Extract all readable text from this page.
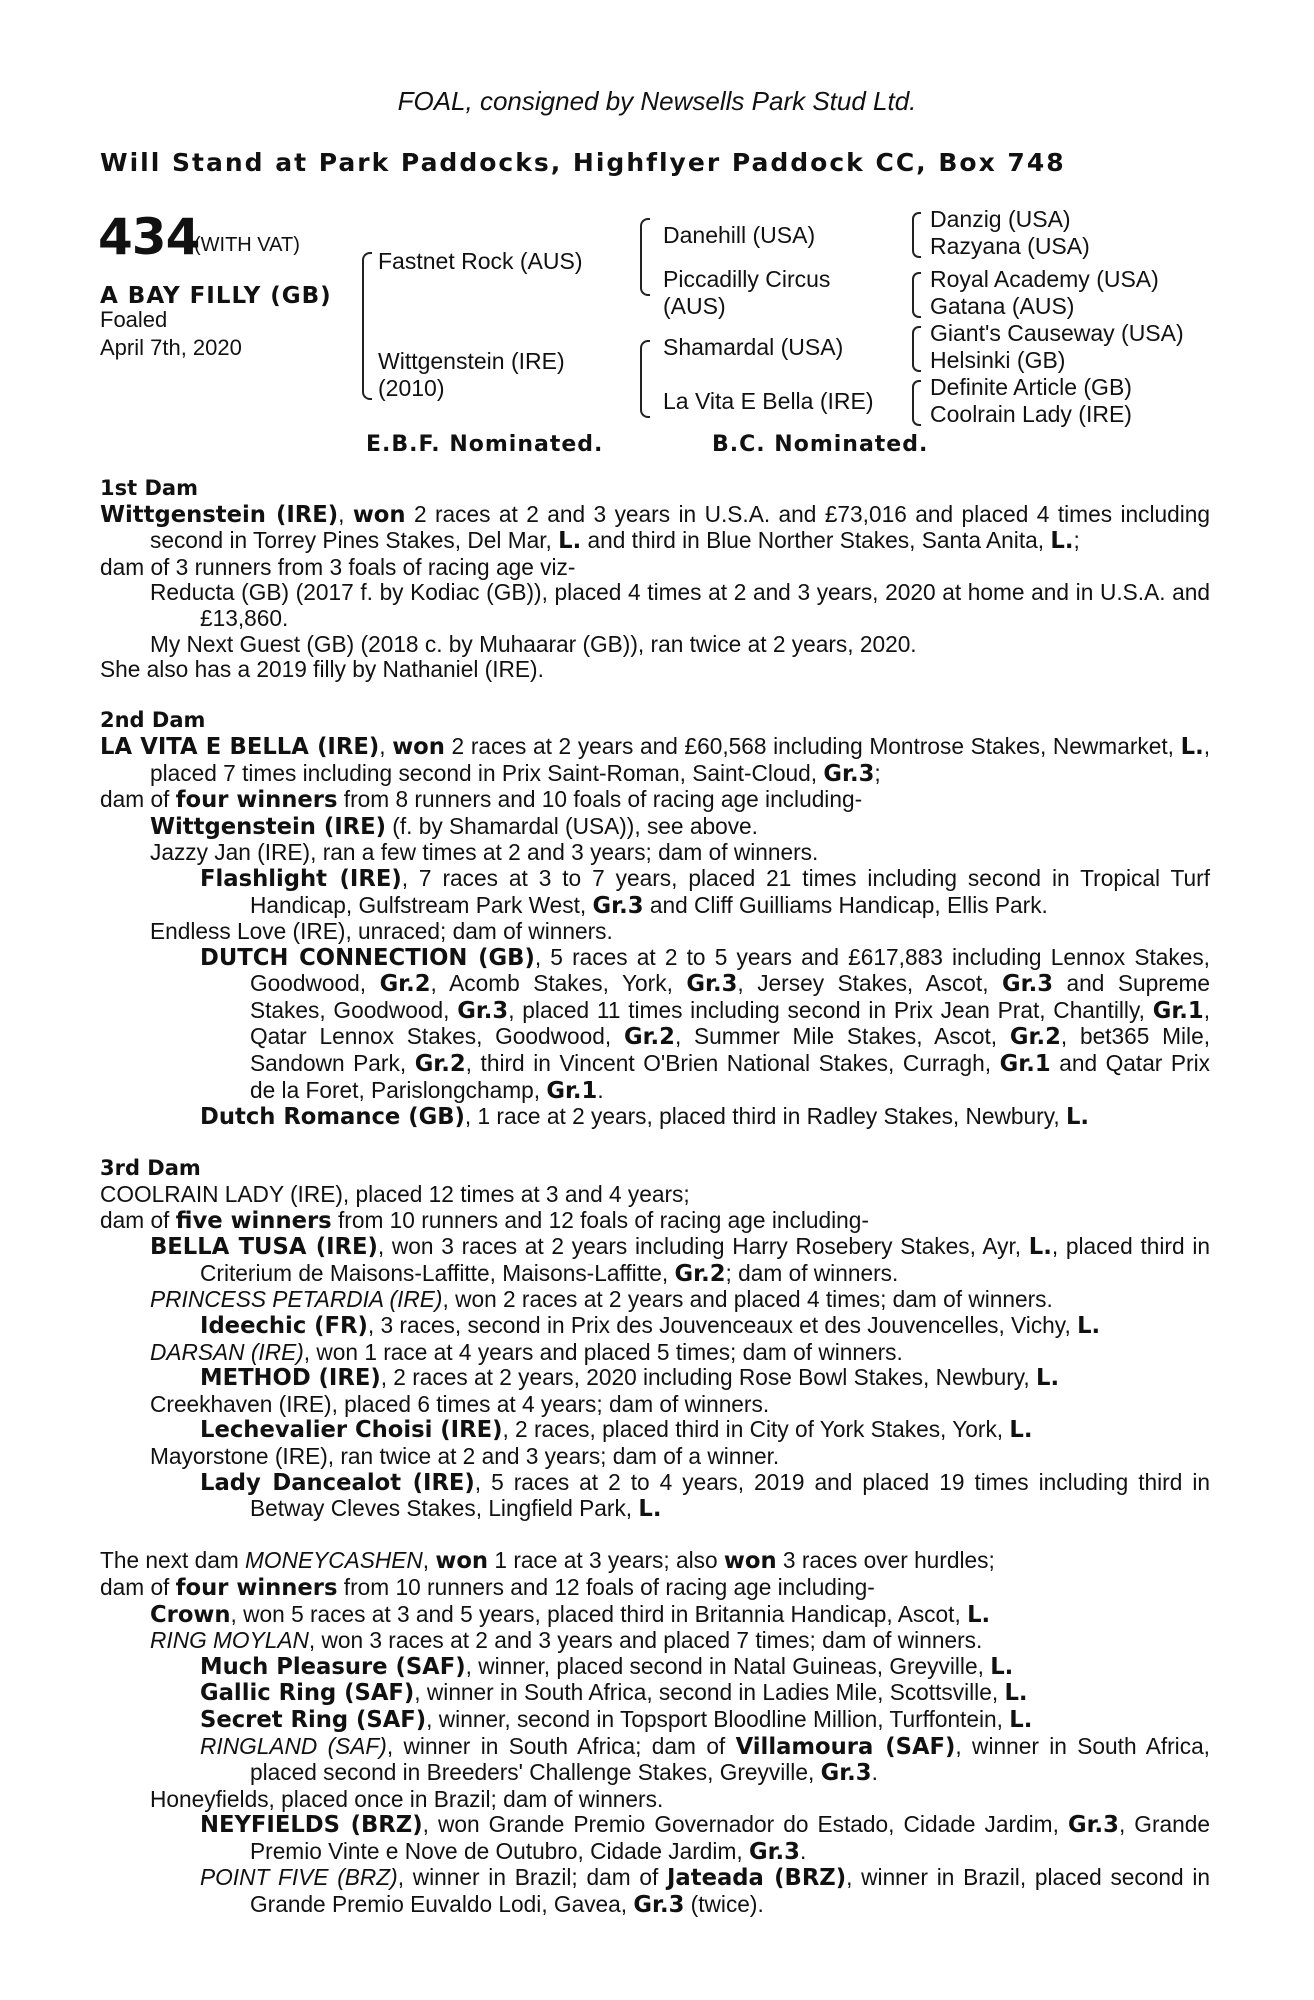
FOAL, consigned by Newsells Park Stud Ltd.
Will Stand at Park Paddocks, Highflyer Paddock CC, Box 748
434
(WITH VAT)
A BAY FILLY (GB)
Foaled
April 7th, 2020
Fastnet Rock (AUS)
Wittgenstein (IRE)
(2010)
Danehill (USA)
Piccadilly Circus
(AUS)
Shamardal (USA)
La Vita E Bella (IRE)
Danzig (USA)
Razyana (USA)
Royal Academy (USA)
Gatana (AUS)
Giant's Causeway (USA)
Helsinki (GB)
Definite Article (GB)
Coolrain Lady (IRE)
E.B.F. Nominated.	B.C. Nominated.

1st Dam

Wittgenstein (IRE), won 2 races at 2 and 3 years in U.S.A. and £73,016 and placed 4 times including second in Torrey Pines Stakes, Del Mar, L. and third in Blue Norther Stakes, Santa Anita, L.;

dam of 3 runners from 3 foals of racing age viz-

Reducta (GB) (2017 f. by Kodiac (GB)), placed 4 times at 2 and 3 years, 2020 at home and in U.S.A. and £13,860.

My Next Guest (GB) (2018 c. by Muhaarar (GB)), ran twice at 2 years, 2020.

She also has a 2019 filly by Nathaniel (IRE).

2nd Dam

LA VITA E BELLA (IRE), won 2 races at 2 years and £60,568 including Montrose Stakes, Newmarket, L., placed 7 times including second in Prix Saint-Roman, Saint-Cloud, Gr.3;

dam of four winners from 8 runners and 10 foals of racing age including-

Wittgenstein (IRE) (f. by Shamardal (USA)), see above.

Jazzy Jan (IRE), ran a few times at 2 and 3 years; dam of winners.

Flashlight (IRE), 7 races at 3 to 7 years, placed 21 times including second in Tropical Turf Handicap, Gulfstream Park West, Gr.3 and Cliff Guilliams Handicap, Ellis Park.

Endless Love (IRE), unraced; dam of winners.

DUTCH CONNECTION (GB), 5 races at 2 to 5 years and £617,883 including Lennox Stakes, Goodwood, Gr.2, Acomb Stakes, York, Gr.3, Jersey Stakes, Ascot, Gr.3 and Supreme Stakes, Goodwood, Gr.3, placed 11 times including second in Prix Jean Prat, Chantilly, Gr.1, Qatar Lennox Stakes, Goodwood, Gr.2, Summer Mile Stakes, Ascot, Gr.2, bet365 Mile, Sandown Park, Gr.2, third in Vincent O'Brien National Stakes, Curragh, Gr.1 and Qatar Prix de la Foret, Parislongchamp, Gr.1.

Dutch Romance (GB), 1 race at 2 years, placed third in Radley Stakes, Newbury, L.

3rd Dam

COOLRAIN LADY (IRE), placed 12 times at 3 and 4 years;

dam of five winners from 10 runners and 12 foals of racing age including-

BELLA TUSA (IRE), won 3 races at 2 years including Harry Rosebery Stakes, Ayr, L., placed third in Criterium de Maisons-Laffitte, Maisons-Laffitte, Gr.2; dam of winners.

PRINCESS PETARDIA (IRE), won 2 races at 2 years and placed 4 times; dam of winners.

Ideechic (FR), 3 races, second in Prix des Jouvenceaux et des Jouvencelles, Vichy, L.

DARSAN (IRE), won 1 race at 4 years and placed 5 times; dam of winners.

METHOD (IRE), 2 races at 2 years, 2020 including Rose Bowl Stakes, Newbury, L.

Creekhaven (IRE), placed 6 times at 4 years; dam of winners.

Lechevalier Choisi (IRE), 2 races, placed third in City of York Stakes, York, L.

Mayorstone (IRE), ran twice at 2 and 3 years; dam of a winner.

Lady Dancealot (IRE), 5 races at 2 to 4 years, 2019 and placed 19 times including third in Betway Cleves Stakes, Lingfield Park, L.

The next dam MONEYCASHEN, won 1 race at 3 years; also won 3 races over hurdles;

dam of four winners from 10 runners and 12 foals of racing age including-

Crown, won 5 races at 3 and 5 years, placed third in Britannia Handicap, Ascot, L.

RING MOYLAN, won 3 races at 2 and 3 years and placed 7 times; dam of winners.

Much Pleasure (SAF), winner, placed second in Natal Guineas, Greyville, L.

Gallic Ring (SAF), winner in South Africa, second in Ladies Mile, Scottsville, L.

Secret Ring (SAF), winner, second in Topsport Bloodline Million, Turffontein, L.

RINGLAND (SAF), winner in South Africa; dam of Villamoura (SAF), winner in South Africa, placed second in Breeders' Challenge Stakes, Greyville, Gr.3.

Honeyfields, placed once in Brazil; dam of winners.

NEYFIELDS (BRZ), won Grande Premio Governador do Estado, Cidade Jardim, Gr.3, Grande Premio Vinte e Nove de Outubro, Cidade Jardim, Gr.3.

POINT FIVE (BRZ), winner in Brazil; dam of Jateada (BRZ), winner in Brazil, placed second in Grande Premio Euvaldo Lodi, Gavea, Gr.3 (twice).
